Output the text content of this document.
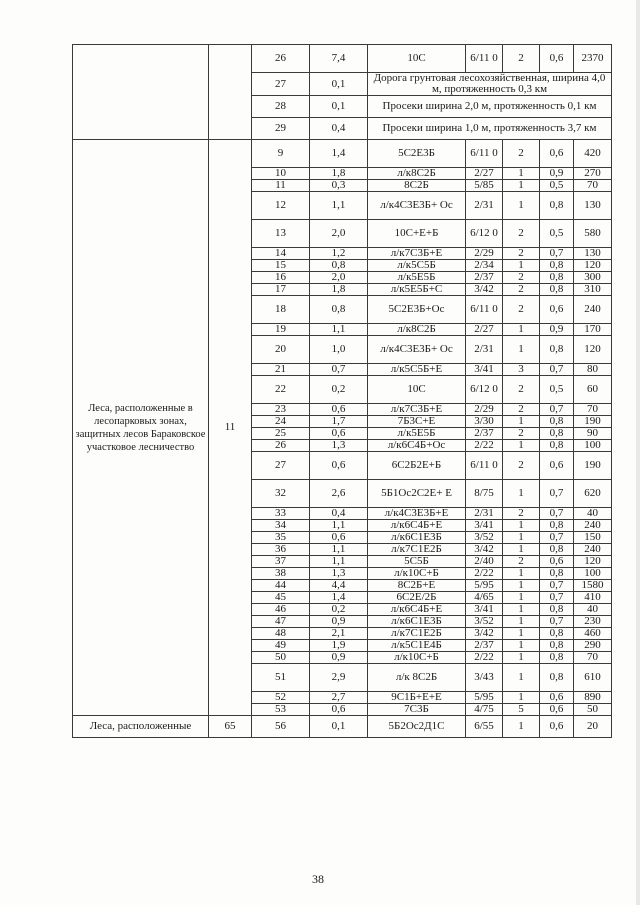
		26	7,4	10С	6/11 0	2	0,6	2370
		27	0,1	Дорога грунтовая лесохозяйственная, ширина 4,0 м, протяженность 0,3 км				
		28	0,1	Просеки ширина 2,0 м, протяженность 0,1 км				
		29	0,4	Просеки ширина 1,0 м, протяженность 3,7 км				
Леса, расположенные в лесопарковых зонах, защитных лесов Бараковское участковое лесничество	11	9	1,4	5С2Е3Б	6/11 0	2	0,6	420
		10	1,8	л/к8С2Б	2/27	1	0,9	270
		11	0,3	8С2Б	5/85	1	0,5	70
		12	1,1	л/к4С3Е3Б+ Ос	2/31	1	0,8	130
		13	2,0	10С+Е+Б	6/12 0	2	0,5	580
		14	1,2	л/к7С3Б+Е	2/29	2	0,7	130
		15	0,8	л/к5С5Б	2/34	1	0,8	120
		16	2,0	л/к5Е5Б	2/37	2	0,8	300
		17	1,8	л/к5Е5Б+С	3/42	2	0,8	310
		18	0,8	5С2Е3Б+Ос	6/11 0	2	0,6	240
		19	1,1	л/к8С2Б	2/27	1	0,9	170
		20	1,0	л/к4С3Е3Б+ Ос	2/31	1	0,8	120
		21	0,7	л/к5С5Б+Е	3/41	3	0,7	80
		22	0,2	10С	6/12 0	2	0,5	60
		23	0,6	л/к7С3Б+Е	2/29	2	0,7	70
		24	1,7	7Б3С+Е	3/30	1	0,8	190
		25	0,6	л/к5Е5Б	2/37	2	0,8	90
		26	1,3	л/к6С4Б+Ос	2/22	1	0,8	100
		27	0,6	6С2Б2Е+Б	6/11 0	2	0,6	190
		32	2,6	5Б1Ос2С2Е+ Е	8/75	1	0,7	620
		33	0,4	л/к4С3Е3Б+Е	2/31	2	0,7	40
		34	1,1	л/к6С4Б+Е	3/41	1	0,8	240
		35	0,6	л/к6С1Е3Б	3/52	1	0,7	150
		36	1,1	л/к7С1Е2Б	3/42	1	0,8	240
		37	1,1	5С5Б	2/40	2	0,6	120
		38	1,3	л/к10С+Б	2/22	1	0,8	100
		44	4,4	8С2Б+Е	5/95	1	0,7	1580
		45	1,4	6С2Е/2Б	4/65	1	0,7	410
		46	0,2	л/к6С4Б+Е	3/41	1	0,8	40
		47	0,9	л/к6С1Е3Б	3/52	1	0,7	230
		48	2,1	л/к7С1Е2Б	3/42	1	0,8	460
		49	1,9	л/к5С1Е4Б	2/37	1	0,8	290
		50	0,9	л/к10С+Б	2/22	1	0,8	70
		51	2,9	л/к 8С2Б	3/43	1	0,8	610
		52	2,7	9С1Б+Е+Е	5/95	1	0,6	890
		53	0,6	7С3Б	4/75	5	0,6	50
Леса, расположенные	65	56	0,1	5Б2Ос2Д1С	6/55	1	0,6	20
38
